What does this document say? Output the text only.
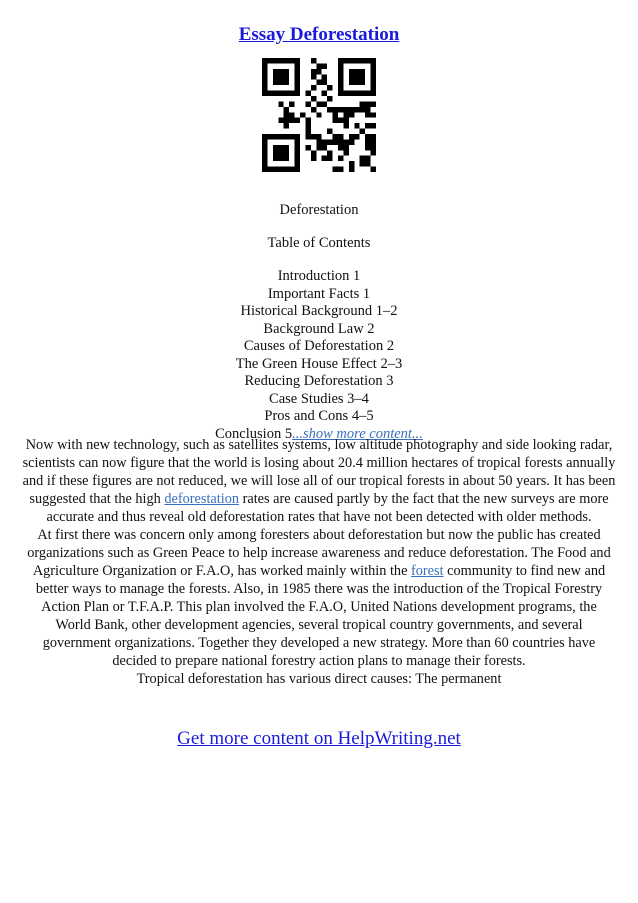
Essay Deforestation
Deforestation
Table of Contents
Introduction 1
Important Facts 1
Historical Background 1–2
Background Law 2
Causes of Deforestation 2
The Green House Effect 2–3
Reducing Deforestation 3
Case Studies 3–4
Pros and Cons 4–5
Conclusion 5...show more content...

Now with new technology, such as satellites systems, low altitude photography and side looking radar, scientists can now figure that the world is losing about 20.4 million hectares of tropical forests annually and if these figures are not reduced, we will lose all of our tropical forests in about 50 years. It has been suggested that the high deforestation rates are caused partly by the fact that the new surveys are more accurate and thus reveal old deforestation rates that have not been detected with older methods.

At first there was concern only among foresters about deforestation but now the public has created organizations such as Green Peace to help increase awareness and reduce deforestation. The Food and Agriculture Organization or F.A.O, has worked mainly within the forest community to find new and better ways to manage the forests. Also, in 1985 there was the introduction of the Tropical Forestry Action Plan or T.F.A.P. This plan involved the F.A.O, United Nations development programs, the World Bank, other development agencies, several tropical country governments, and several government organizations. Together they developed a new strategy. More than 60 countries have decided to prepare national forestry action plans to manage their forests.

Tropical deforestation has various direct causes: The permanent

Get more content on HelpWriting.net
